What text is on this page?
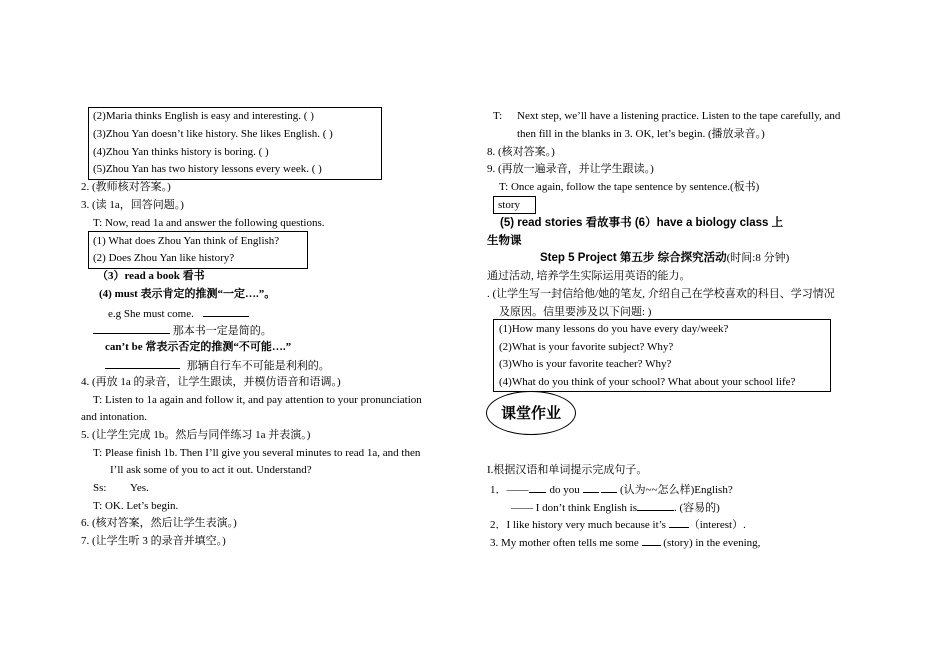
(2)Maria thinks English is easy and interesting. ( )
(3)Zhou Yan doesn’t like history. She likes English. ( )
(4)Zhou Yan thinks history is boring. ( )
(5)Zhou Yan has two history lessons every week. ( )
2. (教师核对答案。)
3. (读 1a，回答问题。)
T: Now, read 1a and answer the following questions.
(1) What does Zhou Yan think of English?
(2) Does Zhou Yan like history?
（3）read a book 看书
(4) must 表示肯定的推测“一定….”。
e.g She must come.
那本书一定是简的。
can’t be 常表示否定的推测“不可能….”
那辆自行车不可能是利利的。
4. (再放 1a 的录音，让学生跟读，并模仿语音和语调。)
T: Listen to 1a again and follow it, and pay attention to your pronunciation
and intonation.
5. (让学生完成 1b。然后与同伴练习 1a 并表演。)
T: Please finish 1b. Then I’ll give you several minutes to read 1a, and then
I’ll ask some of you to act it out. Understand?
Ss: Yes.
T: OK. Let’s begin.
6. (核对答案，然后让学生表演。)
7. (让学生听 3 的录音并填空。)
T: Next step, we’ll have a listening practice. Listen to the tape carefully, and
then fill in the blanks in 3. OK, let’s begin. (播放录音。)
8. (核对答案。)
9. (再放一遍录音，并让学生跟读。)
T: Once again, follow the tape sentence by sentence.(板书)
story
(5) read stories 看故事书 (6）have a biology class 上
生物课
Step 5 Project 第五步 综合探究活动(时间:8 分钟)
通过活动, 培养学生实际运用英语的能力。
. (让学生写一封信给他/她的笔友, 介绍自己在学校喜欢的科目、学习情况
及原因。信里要涉及以下问题: )
(1)How many lessons do you have every day/week?
(2)What is your favorite subject? Why?
(3)Who is your favorite teacher? Why?
(4)What do you think of your school? What about your school life?
课堂作业
I.根据汉语和单词提示完成句子。
1．—— do you	(认为~~怎么样)English?
—— I don’t think English is	. (容易的)
2．I like history very much because it’s （interest）.
3. My mother often tells me some (story) in the evening,
